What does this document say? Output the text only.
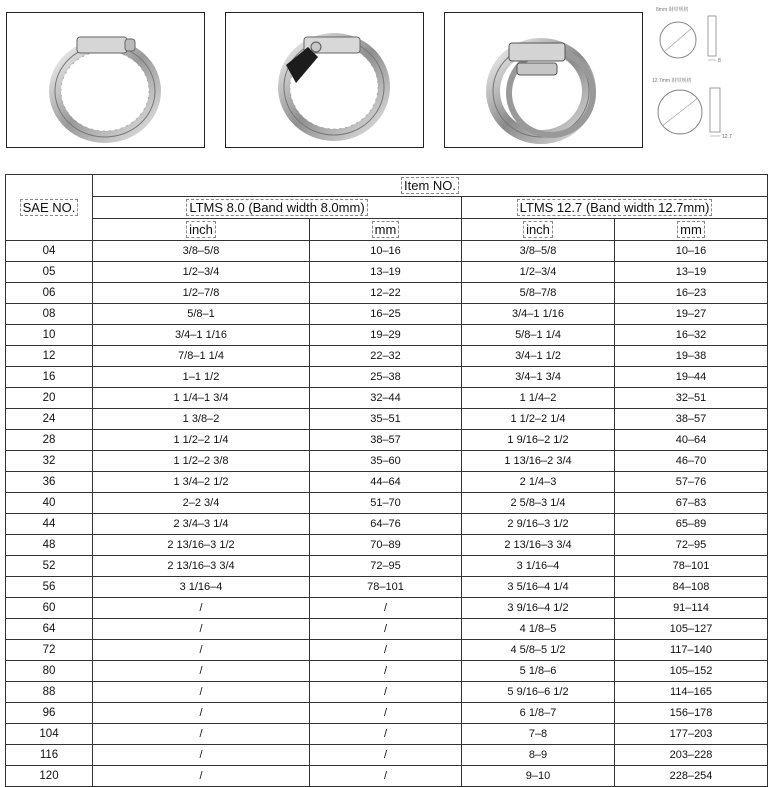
8mm 钢带规格
12.7mm 钢带规格
8
12.7
SAE NO.	Item NO.			
	LTMS 8.0 (Band width 8.0mm)		LTMS 12.7 (Band width 12.7mm)	
	inch	mm	inch	mm
04	3/8–5/8	10–16	3/8–5/8	10–16
05	1/2–3/4	13–19	1/2–3/4	13–19
06	1/2–7/8	12–22	5/8–7/8	16–23
08	5/8–1	16–25	3/4–1 1/16	19–27
10	3/4–1 1/16	19–29	5/8–1 1/4	16–32
12	7/8–1 1/4	22–32	3/4–1 1/2	19–38
16	1–1 1/2	25–38	3/4–1 3/4	19–44
20	1 1/4–1 3/4	32–44	1 1/4–2	32–51
24	1 3/8–2	35–51	1 1/2–2 1/4	38–57
28	1 1/2–2 1/4	38–57	1 9/16–2 1/2	40–64
32	1 1/2–2 3/8	35–60	1 13/16–2 3/4	46–70
36	1 3/4–2 1/2	44–64	2 1/4–3	57–76
40	2–2 3/4	51–70	2 5/8–3 1/4	67–83
44	2 3/4–3 1/4	64–76	2 9/16–3 1/2	65–89
48	2 13/16–3 1/2	70–89	2 13/16–3 3/4	72–95
52	2 13/16–3 3/4	72–95	3 1/16–4	78–101
56	3 1/16–4	78–101	3 5/16–4 1/4	84–108
60	/	/	3 9/16–4 1/2	91–114
64	/	/	4 1/8–5	105–127
72	/	/	4 5/8–5 1/2	117–140
80	/	/	5 1/8–6	105–152
88	/	/	5 9/16–6 1/2	114–165
96	/	/	6 1/8–7	156–178
104	/	/	7–8	177–203
116	/	/	8–9	203–228
120	/	/	9–10	228–254
